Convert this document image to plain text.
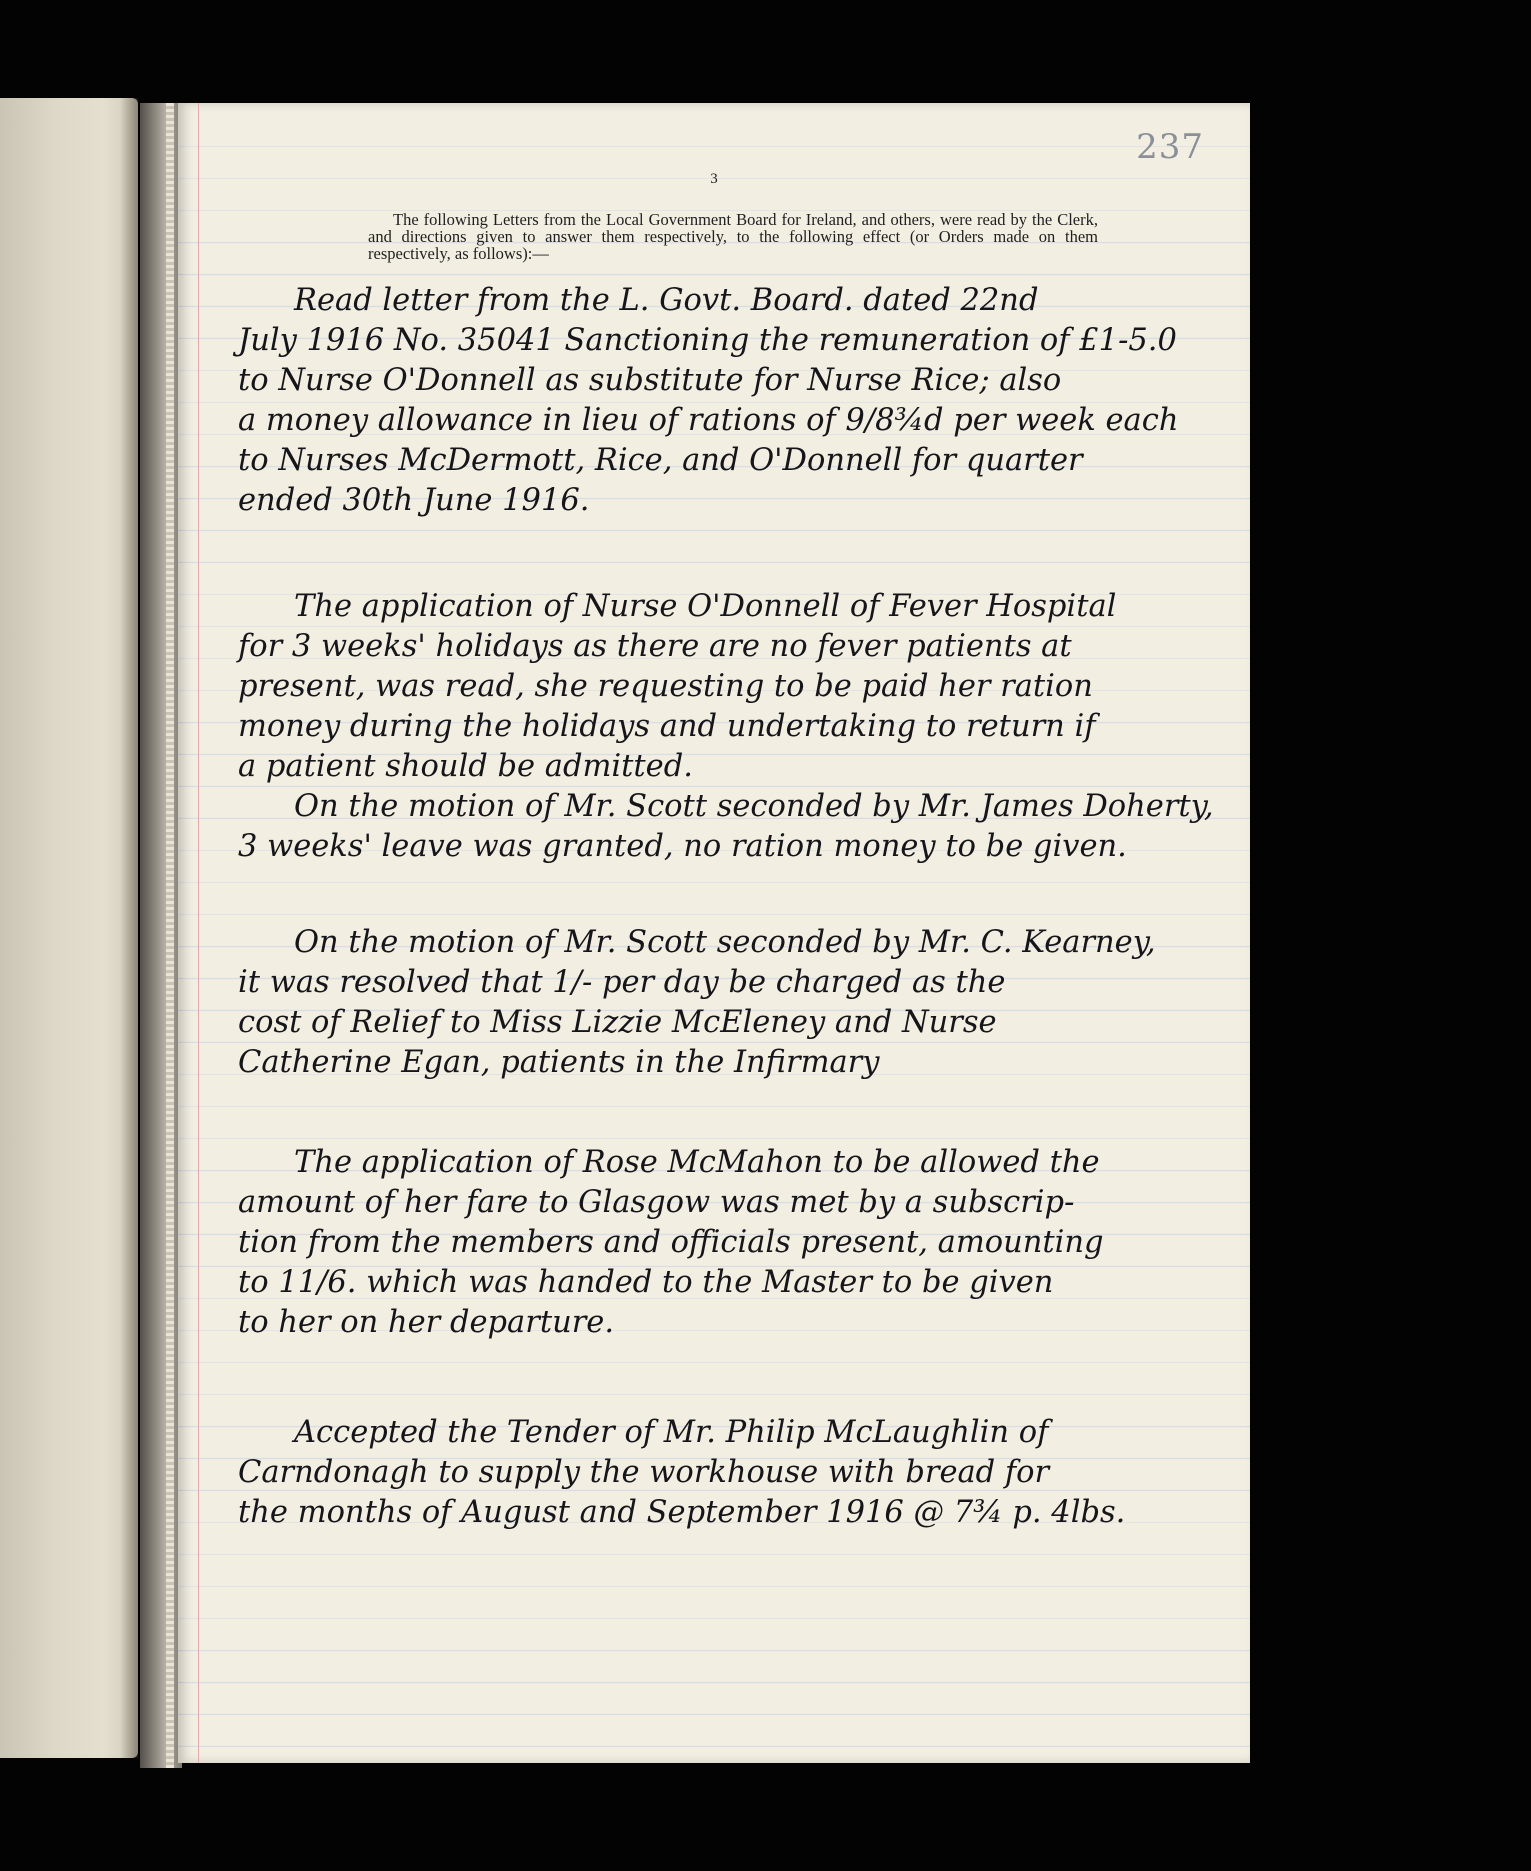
237
3
The following Letters from the Local Government Board for Ireland, and others, were read by the Clerk, and directions given to answer them respectively, to the following effect (or Orders made on them respectively, as follows):—
Read letter from the L. Govt. Board. dated 22nd
July 1916 No. 35041 Sanctioning the remuneration of £1-5.0
to Nurse O'Donnell as substitute for Nurse Rice; also
a money allowance in lieu of rations of 9/8¾d per week each
to Nurses McDermott, Rice, and O'Donnell for quarter
ended 30th June 1916.
The application of Nurse O'Donnell of Fever Hospital
for 3 weeks' holidays as there are no fever patients at
present, was read, she requesting to be paid her ration
money during the holidays and undertaking to return if
a patient should be admitted.
On the motion of Mr. Scott seconded by Mr. James Doherty,
3 weeks' leave was granted, no ration money to be given.
On the motion of Mr. Scott seconded by Mr. C. Kearney,
it was resolved that 1/- per day be charged as the
cost of Relief to Miss Lizzie McEleney and Nurse
Catherine Egan, patients in the Infirmary
The application of Rose McMahon to be allowed the
amount of her fare to Glasgow was met by a subscrip-
tion from the members and officials present, amounting
to 11/6. which was handed to the Master to be given
to her on her departure.
Accepted the Tender of Mr. Philip McLaughlin of
Carndonagh to supply the workhouse with bread for
the months of August and September 1916 @ 7¾ p. 4lbs.
